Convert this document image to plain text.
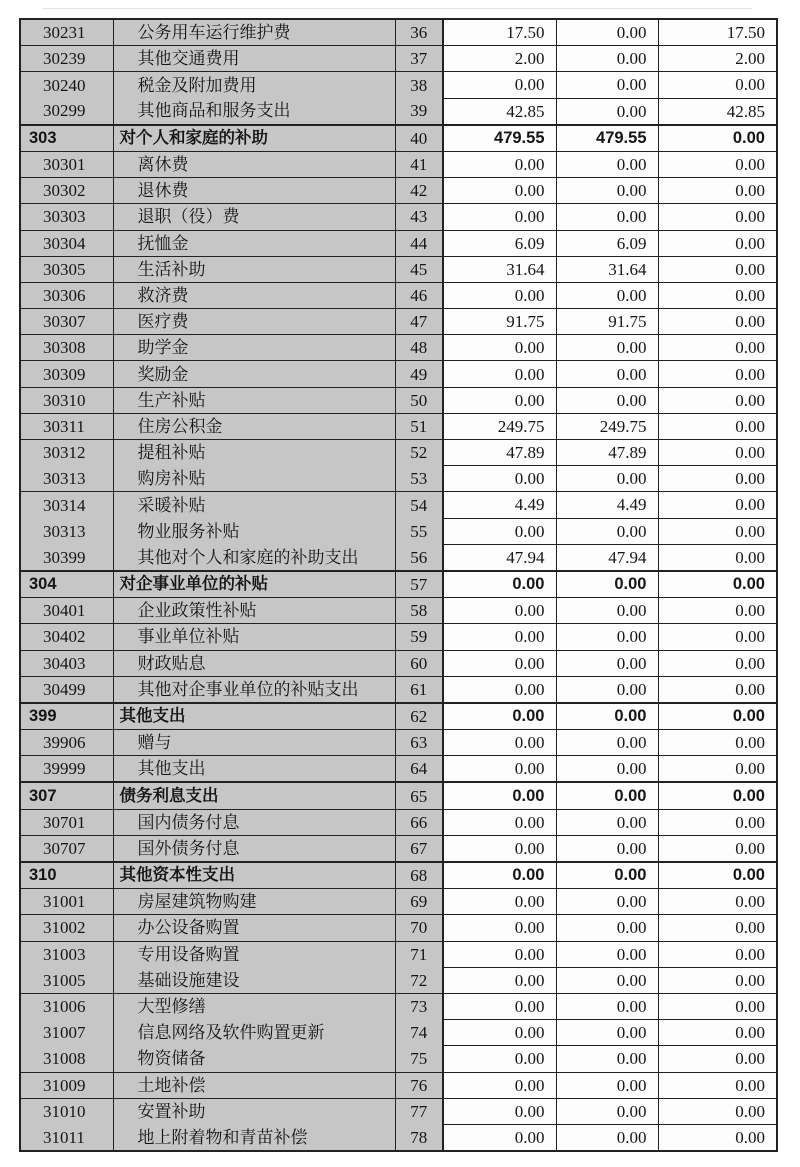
30231	公务用车运行维护费	36	17.50	0.00	17.50
30239	其他交通费用	37	2.00	0.00	2.00
30240	税金及附加费用	38	0.00	0.00	0.00
30299	其他商品和服务支出	39	42.85	0.00	42.85
303	对个人和家庭的补助	40	479.55	479.55	0.00
30301	离休费	41	0.00	0.00	0.00
30302	退休费	42	0.00	0.00	0.00
30303	退职（役）费	43	0.00	0.00	0.00
30304	抚恤金	44	6.09	6.09	0.00
30305	生活补助	45	31.64	31.64	0.00
30306	救济费	46	0.00	0.00	0.00
30307	医疗费	47	91.75	91.75	0.00
30308	助学金	48	0.00	0.00	0.00
30309	奖励金	49	0.00	0.00	0.00
30310	生产补贴	50	0.00	0.00	0.00
30311	住房公积金	51	249.75	249.75	0.00
30312	提租补贴	52	47.89	47.89	0.00
30313	购房补贴	53	0.00	0.00	0.00
30314	采暖补贴	54	4.49	4.49	0.00
30313	物业服务补贴	55	0.00	0.00	0.00
30399	其他对个人和家庭的补助支出	56	47.94	47.94	0.00
304	对企事业单位的补贴	57	0.00	0.00	0.00
30401	企业政策性补贴	58	0.00	0.00	0.00
30402	事业单位补贴	59	0.00	0.00	0.00
30403	财政贴息	60	0.00	0.00	0.00
30499	其他对企事业单位的补贴支出	61	0.00	0.00	0.00
399	其他支出	62	0.00	0.00	0.00
39906	赠与	63	0.00	0.00	0.00
39999	其他支出	64	0.00	0.00	0.00
307	债务利息支出	65	0.00	0.00	0.00
30701	国内债务付息	66	0.00	0.00	0.00
30707	国外债务付息	67	0.00	0.00	0.00
310	其他资本性支出	68	0.00	0.00	0.00
31001	房屋建筑物购建	69	0.00	0.00	0.00
31002	办公设备购置	70	0.00	0.00	0.00
31003	专用设备购置	71	0.00	0.00	0.00
31005	基础设施建设	72	0.00	0.00	0.00
31006	大型修缮	73	0.00	0.00	0.00
31007	信息网络及软件购置更新	74	0.00	0.00	0.00
31008	物资储备	75	0.00	0.00	0.00
31009	土地补偿	76	0.00	0.00	0.00
31010	安置补助	77	0.00	0.00	0.00
31011	地上附着物和青苗补偿	78	0.00	0.00	0.00
